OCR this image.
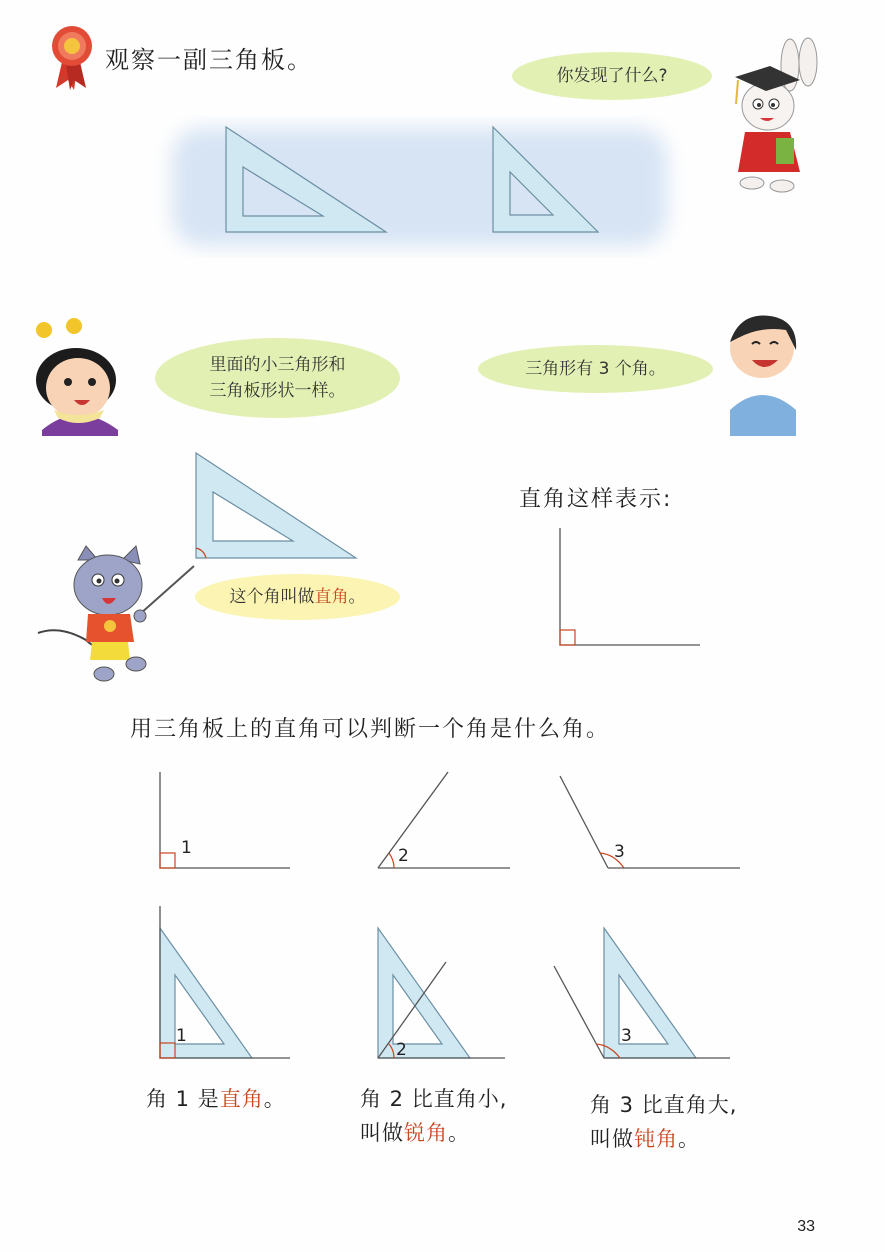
观察一副三角板。
你发现了什么?
里面的小三角形和
三角板形状一样。
三角形有 3 个角。
这个角叫做直角。
直角这样表示:
用三角板上的直角可以判断一个角是什么角。
1	2	3
1
2
3
角 1 是直角。	角 2 比直角小,
叫做锐角。
角 3 比直角大,
叫做钝角。
33
